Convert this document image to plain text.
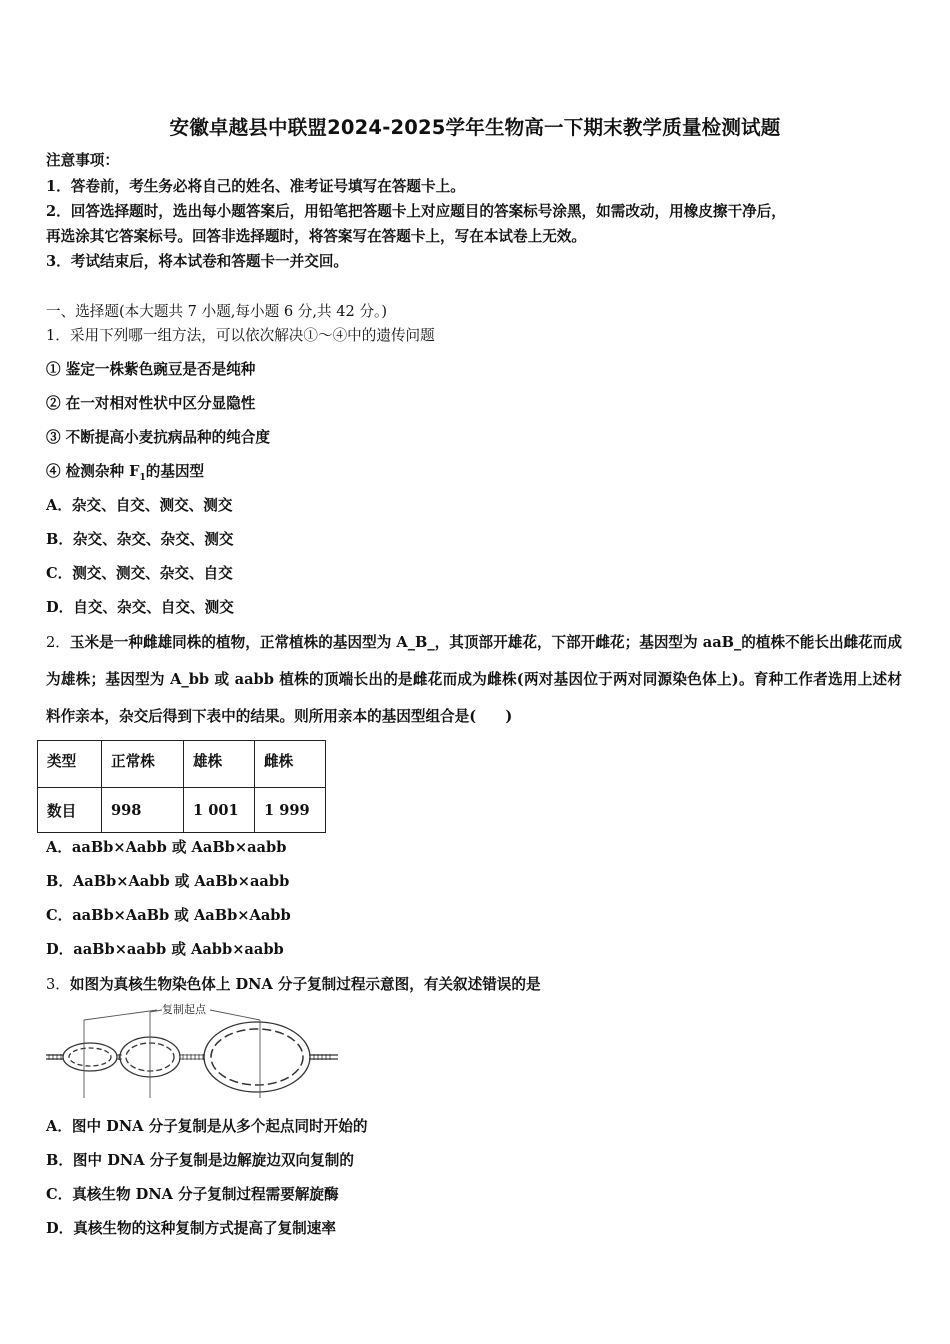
安徽卓越县中联盟2024-2025学年生物高一下期末教学质量检测试题
注意事项：
1．答卷前，考生务必将自己的姓名、准考证号填写在答题卡上。
2．回答选择题时，选出每小题答案后，用铅笔把答题卡上对应题目的答案标号涂黑，如需改动，用橡皮擦干净后，
再选涂其它答案标号。回答非选择题时，将答案写在答题卡上，写在本试卷上无效。
3．考试结束后，将本试卷和答题卡一并交回。
一、选择题(本大题共 7 小题,每小题 6 分,共 42 分。)
1．采用下列哪一组方法，可以依次解决①～④中的遗传问题
① 鉴定一株紫色豌豆是否是纯种
② 在一对相对性状中区分显隐性
③ 不断提高小麦抗病品种的纯合度
④ 检测杂种 $F_1$的基因型
A．杂交、自交、测交、测交
B．杂交、杂交、杂交、测交
C．测交、测交、杂交、自交
D．自交、杂交、自交、测交
2．玉米是一种雌雄同株的植物，正常植株的基因型为 A_B_，其顶部开雄花，下部开雌花；基因型为 aaB_的植株不能长出雌花而成为雄株；基因型为 A_bb 或 aabb 植株的顶端长出的是雌花而成为雌株(两对基因位于两对同源染色体上)。育种工作者选用上述材料作亲本，杂交后得到下表中的结果。则所用亲本的基因型组合是(　　)
类型	正常株	雄株	雌株
数目	998	1 001	1 999
A．aaBb×Aabb 或 AaBb×aabb
B．AaBb×Aabb 或 AaBb×aabb
C．aaBb×AaBb 或 AaBb×Aabb
D．aaBb×aabb 或 Aabb×aabb
3．如图为真核生物染色体上 DNA 分子复制过程示意图，有关叙述错误的是
复制起点
A．图中 DNA 分子复制是从多个起点同时开始的
B．图中 DNA 分子复制是边解旋边双向复制的
C．真核生物 DNA 分子复制过程需要解旋酶
D．真核生物的这种复制方式提高了复制速率
